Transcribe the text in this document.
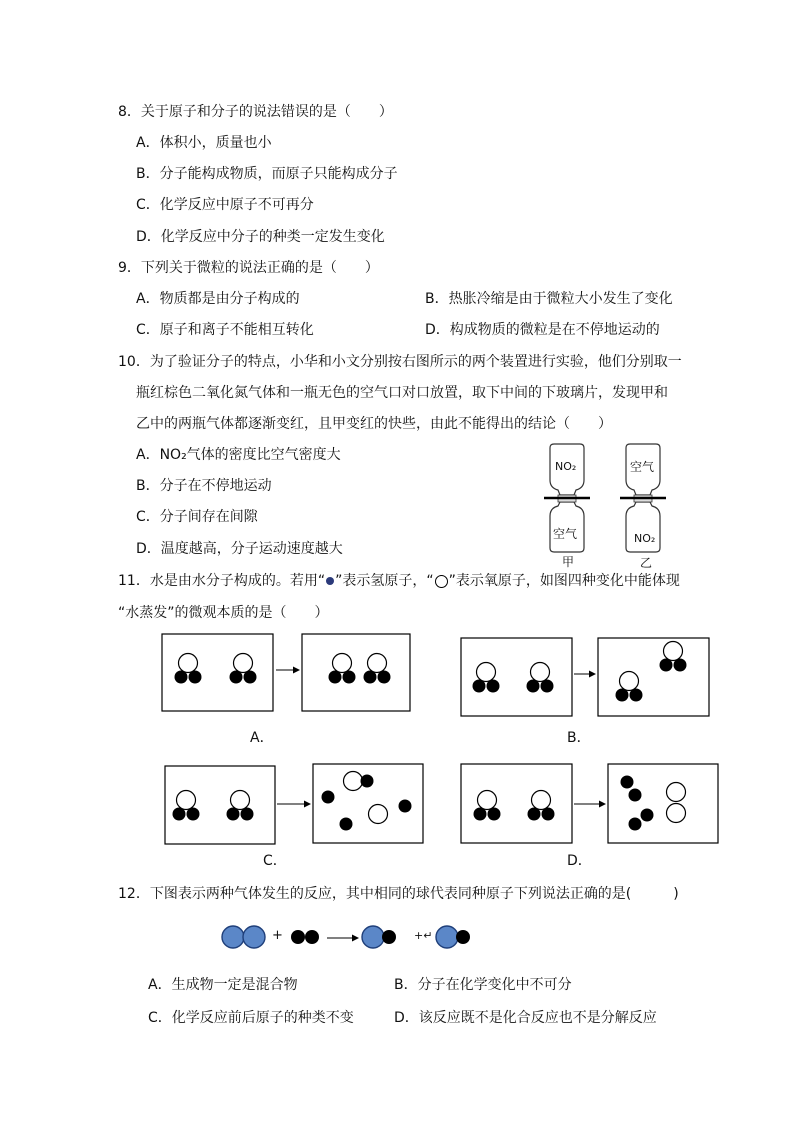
8．关于原子和分子的说法错误的是（　　）
A．体积小，质量也小
B．分子能构成物质，而原子只能构成分子
C．化学反应中原子不可再分
D．化学反应中分子的种类一定发生变化
9．下列关于微粒的说法正确的是（　　）
A．物质都是由分子构成的	B．热胀冷缩是由于微粒大小发生了变化
C．原子和离子不能相互转化	D．构成物质的微粒是在不停地运动的
10．为了验证分子的特点，小华和小文分别按右图所示的两个装置进行实验，他们分别取一
瓶红棕色二氧化氮气体和一瓶无色的空气口对口放置，取下中间的下玻璃片，发现甲和
乙中的两瓶气体都逐渐变红，且甲变红的快些，由此不能得出的结论（　　）
A．NO₂气体的密度比空气密度大
B．分子在不停地运动
C．分子间存在间隙
D．温度越高，分子运动速度越大
NO₂
空气
甲
空气
NO₂
乙
11．水是由水分子构成的。若用“ ”表示氢原子，“ ”表示氧原子，如图四种变化中能体现
“水蒸发”的微观本质的是（　　）
A．	B．
C．	D．
12．下图表示两种气体发生的反应，其中相同的球代表同种原子下列说法正确的是(　　　)
+	+↵
A．生成物一定是混合物	B．分子在化学变化中不可分
C．化学反应前后原子的种类不变	D．该反应既不是化合反应也不是分解反应
